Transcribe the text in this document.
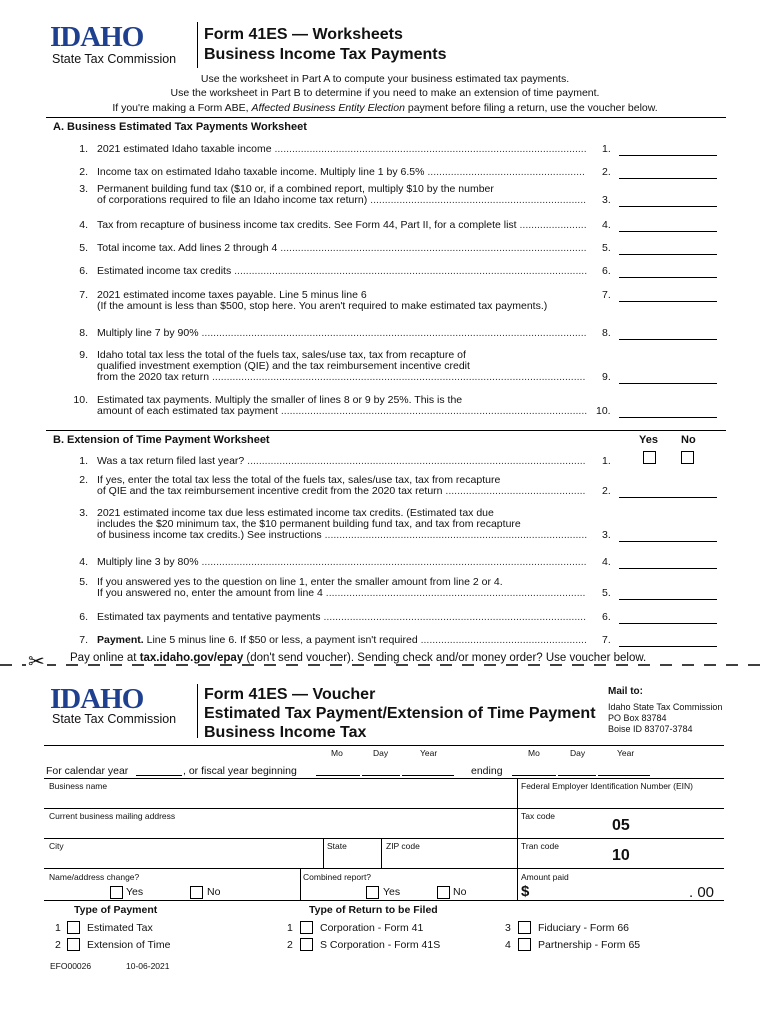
IDAHO
State Tax Commission
Form 41ES — Worksheets
Business Income Tax Payments
Use the worksheet in Part A to compute your business estimated tax payments.
Use the worksheet in Part B to determine if you need to make an extension of time payment.
If you're making a Form ABE, Affected Business Entity Election payment before filing a return, use the voucher below.
A. Business Estimated Tax Payments Worksheet
1. 2021 estimated Idaho taxable income ........................................................................................................... 1.
2. Income tax on estimated Idaho taxable income. Multiply line 1 by 6.5% ...................................................... 2.
3. Permanent building fund tax ($10 or, if a combined report, multiply $10 by the number
of corporations required to file an Idaho income tax return) .......................................................................... 3.
4. Tax from recapture of business income tax credits. See Form 44, Part II, for a complete list ....................... 4.
5. Total income tax. Add lines 2 through 4 ......................................................................................................... 5.
6. Estimated income tax credits ......................................................................................................................... 6.
7. 2021 estimated income taxes payable. Line 5 minus line 6
(If the amount is less than $500, stop here. You aren't required to make estimated tax payments.)
7.
8. Multiply line 7 by 90% .................................................................................................................................... 8.
9. Idaho total tax less the total of the fuels tax, sales/use tax, tax from recapture of
qualified investment exemption (QIE) and the tax reimbursement incentive credit
from the 2020 tax return ................................................................................................................................ 9.
10. Estimated tax payments. Multiply the smaller of lines 8 or 9 by 25%. This is the
amount of each estimated tax payment ......................................................................................................... 10.
B. Extension of Time Payment Worksheet	Yes No
1. Was a tax return filed last year? .................................................................................................................... 1.
2. If yes, enter the total tax less the total of the fuels tax, sales/use tax, tax from recapture
of QIE and the tax reimbursement incentive credit from the 2020 tax return ................................................ 2.
3. 2021 estimated income tax due less estimated income tax credits. (Estimated tax due
includes the $20 minimum tax, the $10 permanent building fund tax, and tax from recapture
of business income tax credits.) See instructions .......................................................................................... 3.
4. Multiply line 3 by 80% .................................................................................................................................... 4.
5. If you answered yes to the question on line 1, enter the smaller amount from line 2 or 4.
If you answered no, enter the amount from line 4 ......................................................................................... 5.
6. Estimated tax payments and tentative payments .......................................................................................... 6.
7. Payment. Line 5 minus line 6. If $50 or less, a payment isn't required ......................................................... 7.
✂ Pay online at tax.idaho.gov/epay (don't send voucher). Sending check and/or money order? Use voucher below.
IDAHO
State Tax Commission
Form 41ES — Voucher
Estimated Tax Payment/Extension of Time Payment
Business Income Tax
Mail to:
Idaho State Tax Commission
PO Box 83784
Boise ID 83707-3784
Mo	Day	Year	Mo	Day	Year
For calendar year	, or fiscal year beginning	ending
Business name	Federal Employer Identification Number (EIN)
Current business mailing address	Tax code
05
City	State	ZIP code	Tran code
10
Name/address change?
Yes	No
Combined report?
Yes	No
Amount paid
$	. 00
Type of Payment
1 Estimated Tax
2 Extension of Time
Type of Return to be Filed
1	Corporation - Form 41
2	S Corporation - Form 41S
3	Fiduciary - Form 66
4	Partnership - Form 65
EFO00026	10-06-2021
